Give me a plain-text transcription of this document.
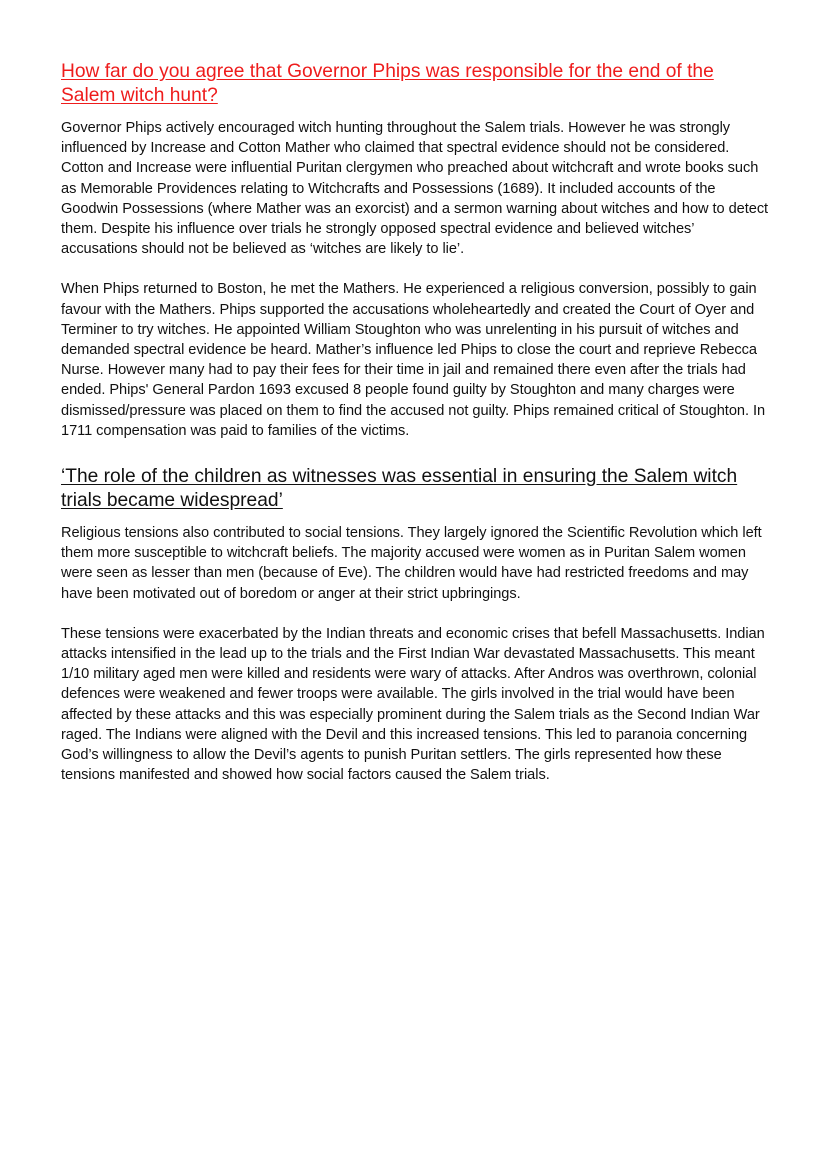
How far do you agree that Governor Phips was responsible for the end of the Salem witch hunt?

Governor Phips actively encouraged witch hunting throughout the Salem trials. However he was strongly influenced by Increase and Cotton Mather who claimed that spectral evidence should not be considered. Cotton and Increase were influential Puritan clergymen who preached about witchcraft and wrote books such as Memorable Providences relating to Witchcrafts and Possessions (1689). It included accounts of the Goodwin Possessions (where Mather was an exorcist) and a sermon warning about witches and how to detect them. Despite his influence over trials he strongly opposed spectral evidence and believed witches’ accusations should not be believed as ‘witches are likely to lie’.

When Phips returned to Boston, he met the Mathers. He experienced a religious conversion, possibly to gain favour with the Mathers. Phips supported the accusations wholeheartedly and created the Court of Oyer and Terminer to try witches. He appointed William Stoughton who was unrelenting in his pursuit of witches and demanded spectral evidence be heard. Mather’s influence led Phips to close the court and reprieve Rebecca Nurse. However many had to pay their fees for their time in jail and remained there even after the trials had ended. Phips' General Pardon 1693 excused 8 people found guilty by Stoughton and many charges were dismissed/pressure was placed on them to find the accused not guilty. Phips remained critical of Stoughton. In 1711 compensation was paid to families of the victims.

‘The role of the children as witnesses was essential in ensuring the Salem witch trials became widespread’

Religious tensions also contributed to social tensions. They largely ignored the Scientific Revolution which left them more susceptible to witchcraft beliefs. The majority accused were women as in Puritan Salem women were seen as lesser than men (because of Eve). The children would have had restricted freedoms and may have been motivated out of boredom or anger at their strict upbringings.

These tensions were exacerbated by the Indian threats and economic crises that befell Massachusetts. Indian attacks intensified in the lead up to the trials and the First Indian War devastated Massachusetts. This meant 1/10 military aged men were killed and residents were wary of attacks. After Andros was overthrown, colonial defences were weakened and fewer troops were available. The girls involved in the trial would have been affected by these attacks and this was especially prominent during the Salem trials as the Second Indian War raged. The Indians were aligned with the Devil and this increased tensions. This led to paranoia concerning God’s willingness to allow the Devil’s agents to punish Puritan settlers. The girls represented how these tensions manifested and showed how social factors caused the Salem trials.
